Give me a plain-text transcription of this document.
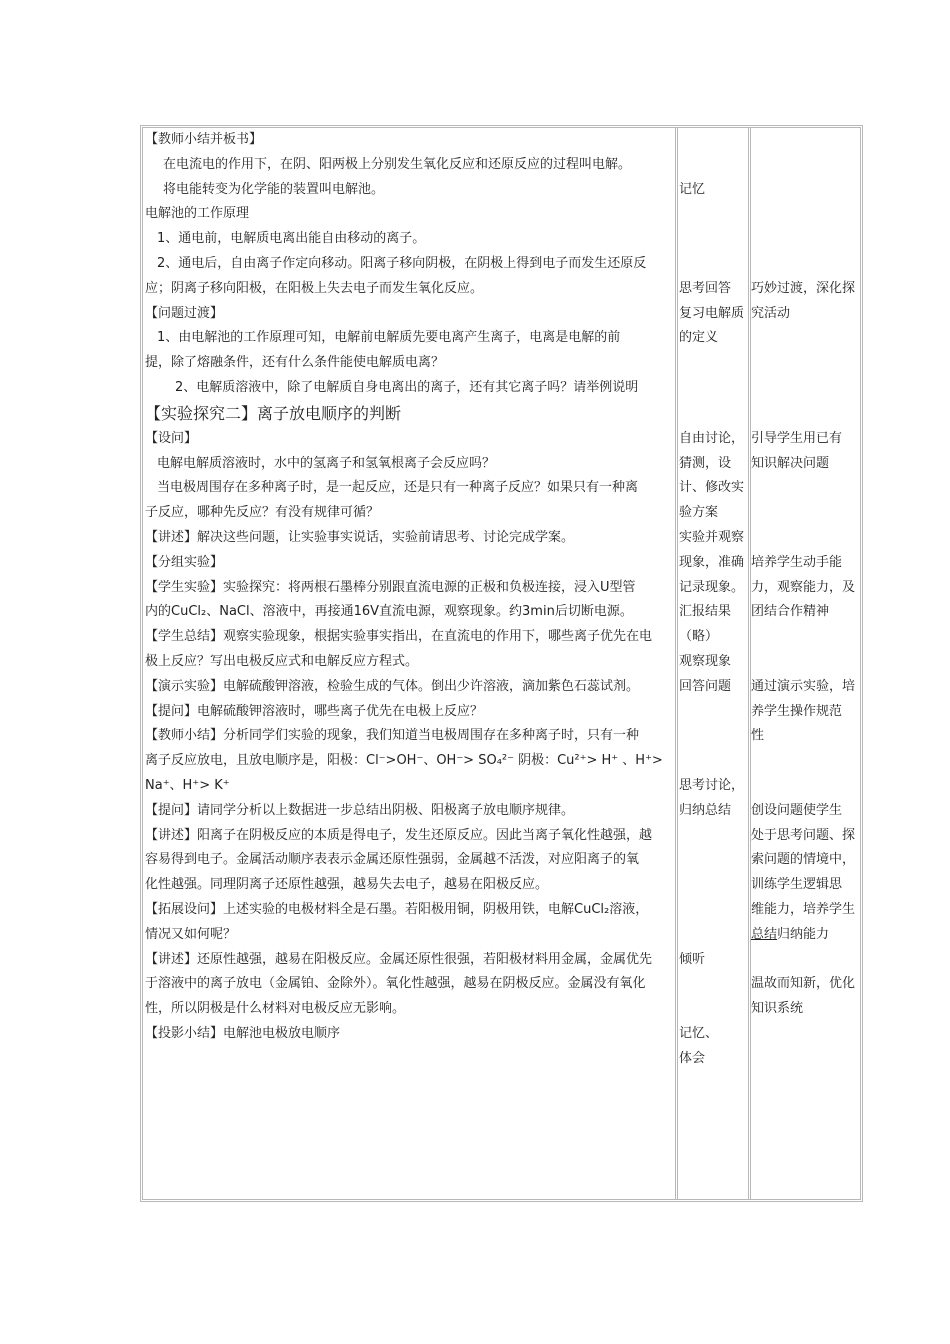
【教师小结并板书】
在电流电的作用下，在阴、阳两极上分别发生氧化反应和还原反应的过程叫电解。
将电能转变为化学能的装置叫电解池。
电解池的工作原理
1、通电前，电解质电离出能自由移动的离子。
2、通电后，自由离子作定向移动。阳离子移向阴极，在阴极上得到电子而发生还原反
应；阴离子移向阳极，在阳极上失去电子而发生氧化反应。
【问题过渡】
1、由电解池的工作原理可知，电解前电解质先要电离产生离子，电离是电解的前
提，除了熔融条件，还有什么条件能使电解质电离？
2、电解质溶液中，除了电解质自身电离出的离子，还有其它离子吗？请举例说明
【实验探究二】离子放电顺序的判断
【设问】
电解电解质溶液时，水中的氢离子和氢氧根离子会反应吗？
当电极周围存在多种离子时，是一起反应，还是只有一种离子反应？如果只有一种离
子反应，哪种先反应？有没有规律可循？
【讲述】解决这些问题，让实验事实说话，实验前请思考、讨论完成学案。
【分组实验】
【学生实验】实验探究：将两根石墨棒分别跟直流电源的正极和负极连接，浸入U型管
内的CuCl₂、NaCl、溶液中，再接通16V直流电源，观察现象。约3min后切断电源。
【学生总结】观察实验现象，根据实验事实指出，在直流电的作用下，哪些离子优先在电
极上反应？写出电极反应式和电解反应方程式。
【演示实验】电解硫酸钾溶液，检验生成的气体。倒出少许溶液，滴加紫色石蕊试剂。
【提问】电解硫酸钾溶液时，哪些离子优先在电极上反应？
【教师小结】分析同学们实验的现象，我们知道当电极周围存在多种离子时，只有一种
离子反应放电，且放电顺序是，阳极：Cl⁻>OH⁻、OH⁻> SO₄²⁻ 阴极：Cu²⁺> H⁺ 、H⁺>
Na⁺、H⁺> K⁺
【提问】请同学分析以上数据进一步总结出阴极、阳极离子放电顺序规律。
【讲述】阳离子在阴极反应的本质是得电子，发生还原反应。因此当离子氧化性越强，越
容易得到电子。金属活动顺序表表示金属还原性强弱，金属越不活泼，对应阳离子的氧
化性越强。同理阴离子还原性越强，越易失去电子，越易在阳极反应。
【拓展设问】上述实验的电极材料全是石墨。若阳极用铜，阴极用铁，电解CuCl₂溶液，
情况又如何呢？
【讲述】还原性越强，越易在阳极反应。金属还原性很强，若阳极材料用金属，金属优先
于溶液中的离子放电（金属铂、金除外）。氧化性越强，越易在阴极反应。金属没有氧化
性，所以阴极是什么材料对电极反应无影响。
【投影小结】电解池电极放电顺序
记忆
思考回答
复习电解质
的定义
自由讨论，
猜测，设
计、修改实
验方案
实验并观察
现象，准确
记录现象。
汇报结果
（略）
观察现象
回答问题
思考讨论，
归纳总结
倾听
记忆、
体会
巧妙过渡，深化探
究活动
引导学生用已有
知识解决问题
培养学生动手能
力，观察能力，及
团结合作精神
通过演示实验，培
养学生操作规范
性
创设问题使学生
处于思考问题、探
索问题的情境中，
训练学生逻辑思
维能力，培养学生
总结归纳能力
温故而知新，优化
知识系统
